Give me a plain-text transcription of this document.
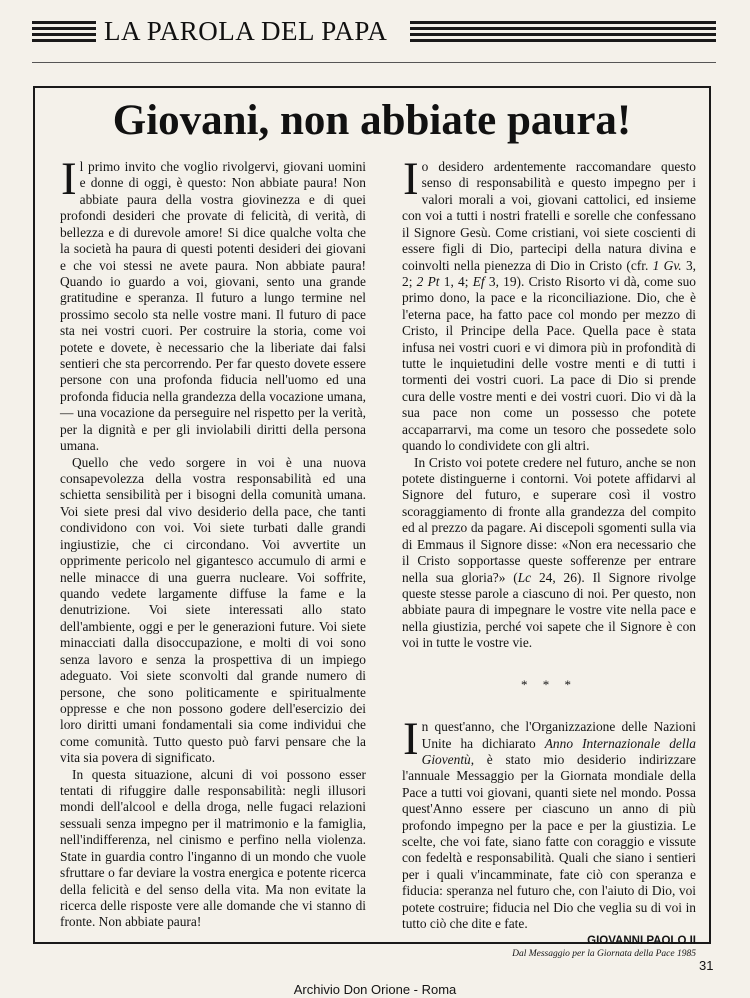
LA PAROLA DEL PAPA
Giovani, non abbiate paura!

Il primo invito che voglio rivolgervi, giovani uomini e donne di oggi, è questo: Non abbiate paura! Non abbiate paura della vostra giovinezza e di quei profondi desideri che provate di felicità, di verità, di bellezza e di durevole amore! Si dice qualche volta che la società ha paura di questi potenti desideri dei giovani e che voi stessi ne avete paura. Non abbiate paura! Quando io guardo a voi, giovani, sento una grande gratitudine e speranza. Il futuro a lungo termine nel prossimo secolo sta nelle vostre mani. Il futuro di pace sta nei vostri cuori. Per costruire la storia, come voi potete e dovete, è necessario che la liberiate dai falsi sentieri che sta percorrendo. Per far questo dovete essere persone con una profonda fiducia nell'uomo ed una profonda fiducia nella grandezza della vocazione umana, — una vocazione da perseguire nel rispetto per la verità, per la dignità e per gli inviolabili diritti della persona umana.

Quello che vedo sorgere in voi è una nuova consapevolezza della vostra responsabilità ed una schietta sensibilità per i bisogni della comunità umana. Voi siete presi dal vivo desiderio della pace, che tanti condividono con voi. Voi siete turbati dalle grandi ingiustizie, che ci circondano. Voi avvertite un opprimente pericolo nel gigantesco accumulo di armi e nelle minacce di una guerra nucleare. Voi soffrite, quando vedete largamente diffuse la fame e la denutrizione. Voi siete interessati allo stato dell'ambiente, oggi e per le generazioni future. Voi siete minacciati dalla disoccupazione, e molti di voi sono senza lavoro e senza la prospettiva di un impiego adeguato. Voi siete sconvolti dal grande numero di persone, che sono politicamente e spiritualmente oppresse e che non possono godere dell'esercizio dei loro diritti umani fondamentali sia come individui che come comunità. Tutto questo può farvi pensare che la vita sia povera di significato.

In questa situazione, alcuni di voi possono esser tentati di rifuggire dalle responsabilità: negli illusori mondi dell'alcool e della droga, nelle fugaci relazioni sessuali senza impegno per il matrimonio e la famiglia, nell'indifferenza, nel cinismo e perfino nella violenza. State in guardia contro l'inganno di un mondo che vuole sfruttare o far deviare la vostra energica e potente ricerca della felicità e del senso della vita. Ma non evitate la ricerca delle risposte vere alle domande che vi stanno di fronte. Non abbiate paura!

Io desidero ardentemente raccomandare questo senso di responsabilità e questo impegno per i valori morali a voi, giovani cattolici, ed insieme con voi a tutti i nostri fratelli e sorelle che confessano il Signore Gesù. Come cristiani, voi siete coscienti di essere figli di Dio, partecipi della natura divina e coinvolti nella pienezza di Dio in Cristo (cfr. 1 Gv. 3, 2; 2 Pt 1, 4; Ef 3, 19). Cristo Risorto vi dà, come suo primo dono, la pace e la riconciliazione. Dio, che è l'eterna pace, ha fatto pace col mondo per mezzo di Cristo, il Principe della Pace. Quella pace è stata infusa nei vostri cuori e vi dimora più in profondità di tutte le inquietudini delle vostre menti e di tutti i tormenti dei vostri cuori. La pace di Dio si prende cura delle vostre menti e dei vostri cuori. Dio vi dà la sua pace non come un possesso che potete accaparrarvi, ma come un tesoro che possedete solo quando lo condividete con gli altri.

In Cristo voi potete credere nel futuro, anche se non potete distinguerne i contorni. Voi potete affidarvi al Signore del futuro, e superare così il vostro scoraggiamento di fronte alla grandezza del compito ed al prezzo da pagare. Ai discepoli sgomenti sulla via di Emmaus il Signore disse: «Non era necessario che il Cristo sopportasse queste sofferenze per entrare nella sua gloria?» (Lc 24, 26). Il Signore rivolge queste stesse parole a ciascuno di noi. Per questo, non abbiate paura di impegnare le vostre vite nella pace e nella giustizia, perché voi sapete che il Signore è con voi in tutte le vostre vie.

* * *

In quest'anno, che l'Organizzazione delle Nazioni Unite ha dichiarato Anno Internazionale della Gioventù, è stato mio desiderio indirizzare l'annuale Messaggio per la Giornata mondiale della Pace a tutti voi giovani, quanti siete nel mondo. Possa quest'Anno essere per ciascuno un anno di più profondo impegno per la pace e per la giustizia. Le scelte, che voi fate, siano fatte con coraggio e vissute con fedeltà e responsabilità. Quali che siano i sentieri per i quali v'incamminate, fate ciò con speranza e fiducia: speranza nel futuro che, con l'aiuto di Dio, voi potete costruire; fiducia nel Dio che veglia su di voi in tutto ciò che dite e fate.

GIOVANNI PAOLO II
Dal Messaggio per la Giornata della Pace 1985
31
Archivio Don Orione - Roma
